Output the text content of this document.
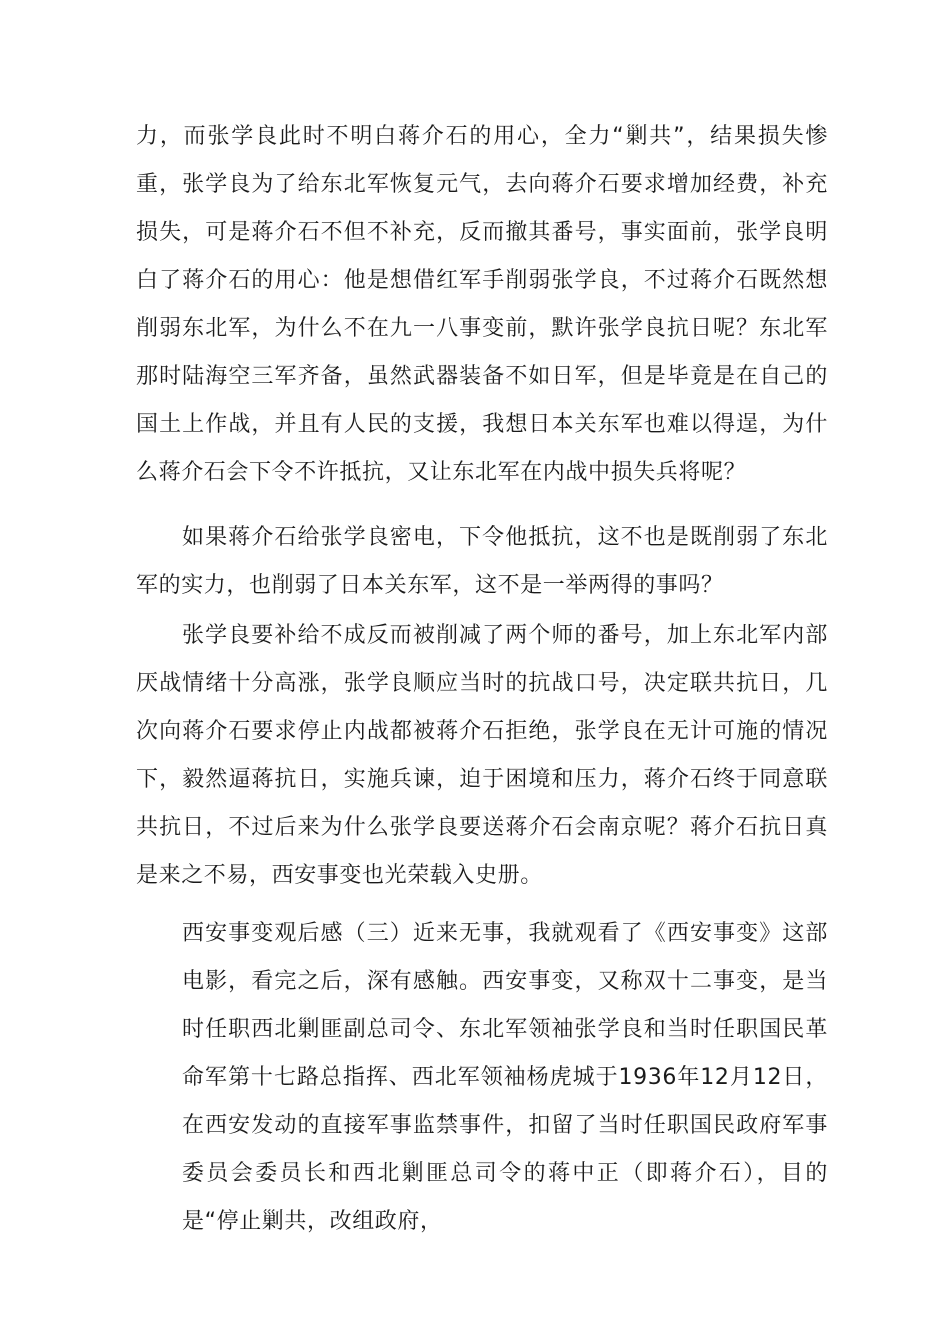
力，而张学良此时不明白蒋介石的用心，全力“剿共”，结果损失惨重，张学良为了给东北军恢复元气，去向蒋介石要求增加经费，补充损失，可是蒋介石不但不补充，反而撤其番号，事实面前，张学良明白了蒋介石的用心：他是想借红军手削弱张学良，不过蒋介石既然想削弱东北军，为什么不在九一八事变前，默许张学良抗日呢？东北军那时陆海空三军齐备，虽然武器装备不如日军，但是毕竟是在自己的国土上作战，并且有人民的支援，我想日本关东军也难以得逞，为什么蒋介石会下令不许抵抗，又让东北军在内战中损失兵将呢？

如果蒋介石给张学良密电，下令他抵抗，这不也是既削弱了东北军的实力，也削弱了日本关东军，这不是一举两得的事吗？

张学良要补给不成反而被削减了两个师的番号，加上东北军内部厌战情绪十分高涨，张学良顺应当时的抗战口号，决定联共抗日，几次向蒋介石要求停止内战都被蒋介石拒绝，张学良在无计可施的情况下，毅然逼蒋抗日，实施兵谏，迫于困境和压力，蒋介石终于同意联共抗日，不过后来为什么张学良要送蒋介石会南京呢？蒋介石抗日真是来之不易，西安事变也光荣载入史册。

西安事变观后感（三）近来无事，我就观看了《西安事变》这部电影，看完之后，深有感触。西安事变，又称双十二事变，是当时任职西北剿匪副总司令、东北军领袖张学良和当时任职国民革命军第十七路总指挥、西北军领袖杨虎城于1936年12月12日，在西安发动的直接军事监禁事件，扣留了当时任职国民政府军事委员会委员长和西北剿匪总司令的蒋中正（即蒋介石），目的是“停止剿共，改组政府，
